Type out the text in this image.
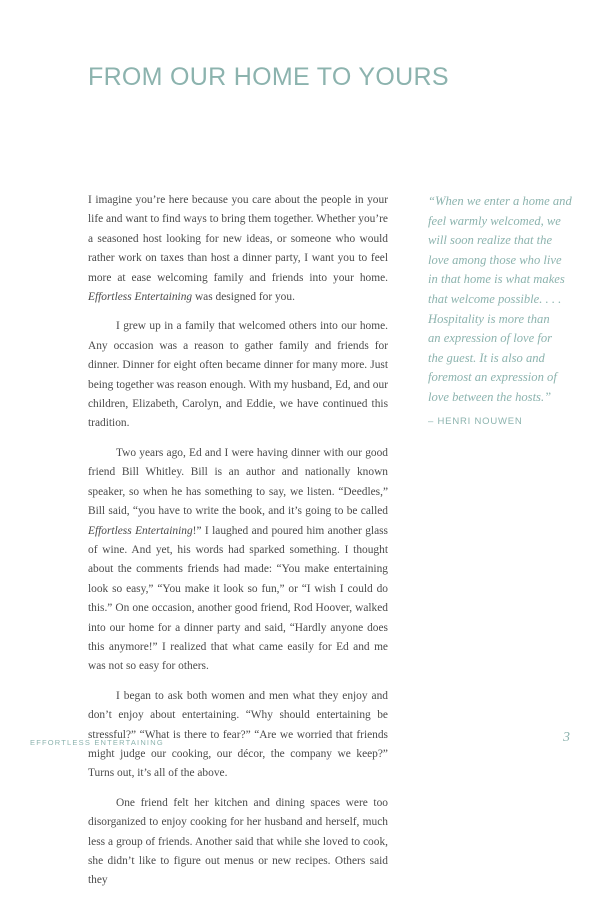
FROM OUR HOME TO YOURS

I imagine you’re here because you care about the people in your life and want to find ways to bring them together. Whether you’re a seasoned host looking for new ideas, or someone who would rather work on taxes than host a dinner party, I want you to feel more at ease welcoming family and friends into your home. Effortless Entertaining was designed for you.

I grew up in a family that welcomed others into our home. Any occasion was a reason to gather family and friends for dinner. Dinner for eight often became dinner for many more. Just being together was reason enough. With my husband, Ed, and our children, Elizabeth, Carolyn, and Eddie, we have continued this tradition.

Two years ago, Ed and I were having dinner with our good friend Bill Whitley. Bill is an author and nationally known speaker, so when he has something to say, we listen. “Deedles,” Bill said, “you have to write the book, and it’s going to be called Effortless Entertaining!” I laughed and poured him another glass of wine. And yet, his words had sparked something. I thought about the comments friends had made: “You make entertaining look so easy,” “You make it look so fun,” or “I wish I could do this.” On one occasion, another good friend, Rod Hoover, walked into our home for a dinner party and said, “Hardly anyone does this anymore!” I realized that what came easily for Ed and me was not so easy for others.

I began to ask both women and men what they enjoy and don’t enjoy about entertaining. “Why should entertaining be stressful?” “What is there to fear?” “Are we worried that friends might judge our cooking, our décor, the company we keep?” Turns out, it’s all of the above.

One friend felt her kitchen and dining spaces were too disorganized to enjoy cooking for her husband and herself, much less a group of friends. Another said that while she loved to cook, she didn’t like to figure out menus or new recipes. Others said they

“When we enter a home and
feel warmly welcomed, we
will soon realize that the
love among those who live
in that home is what makes
that welcome possible. . . .
Hospitality is more than
an expression of love for
the guest. It is also and
foremost an expression of
love between the hosts.”
– HENRI NOUWEN
EFFORTLESS ENTERTAINING	3
